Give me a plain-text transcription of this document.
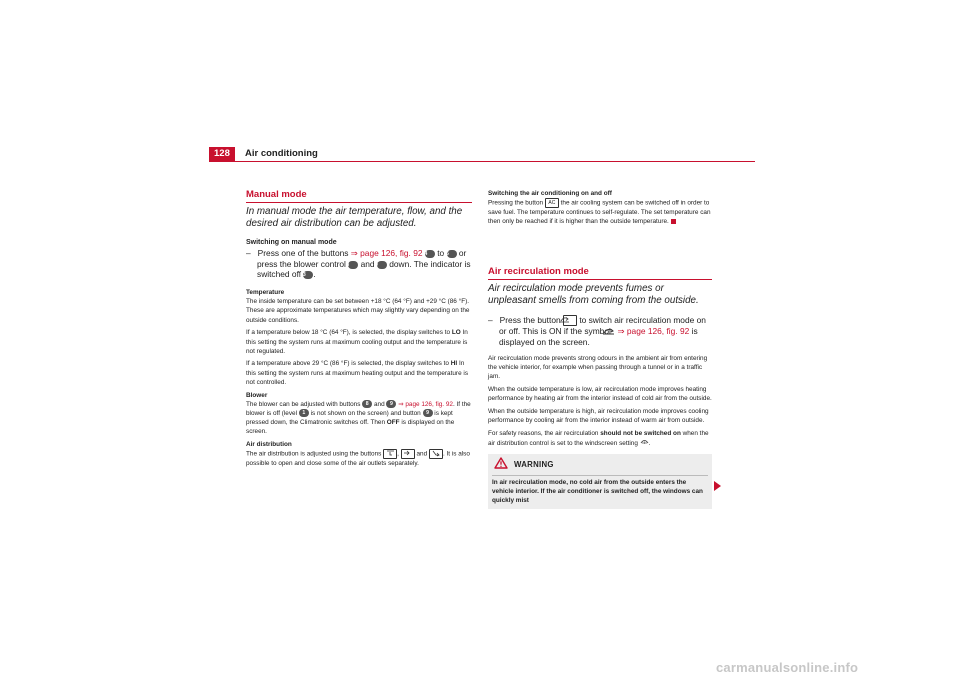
128	Air conditioning
Manual mode
In manual mode the air temperature, flow, and the desired air distribution can be adjusted.
Switching on manual mode
– Press one of the buttons ⇒ page 126, fig. 92 14 to 16 or press the blower control 8 and 9 down. The indicator is switched off 13 .
Temperature

The inside temperature can be set between +18 °C (64 °F) and +29 °C (86 °F). These are approximate temperatures which may slightly vary depending on the outside conditions.

If a temperature below 18 °C (64 °F), is selected, the display switches to LO In this setting the system runs at maximum cooling output and the temperature is not regulated.

If a temperature above 29 °C (86 °F) is selected, the display switches to HI In this setting the system runs at maximum heating output and the temperature is not controlled.

Blower

The blower can be adjusted with buttons 8 and 9 ⇒ page 126, fig. 92. If the blower is off (level 1 is not shown on the screen) and button 9 is kept pressed down, the Climatronic switches off. Then OFF is displayed on the screen.

Air distribution

The air distribution is adjusted using the buttons ,	and . It is also possible to open and close some of the air outlets separately.

Switching the air conditioning on and off

Pressing the button AC the air cooling system can be switched off in order to save fuel. The temperature continues to self-regulate. The set temperature can then only be reached if it is higher than the outside temperature.

Air recirculation mode
Air recirculation mode prevents fumes or unpleasant smells from coming from the outside.
– Press the button to switch air recirculation mode on or off. This is ON if the symbol ⇒ page 126, fig. 92 is displayed on the screen.

Air recirculation mode prevents strong odours in the ambient air from entering the vehicle interior, for example when passing through a tunnel or in a traffic jam.

When the outside temperature is low, air recirculation mode improves heating performance by heating air from the interior instead of cold air from the outside.

When the outside temperature is high, air recirculation mode improves cooling performance by cooling air from the interior instead of warm air from outside.

For safety reasons, the air recirculation should not be switched on when the air distribution control is set to the windscreen setting .

WARNING
In air recirculation mode, no cold air from the outside enters the vehicle interior. If the air conditioner is switched off, the windows can quickly mist
carmanualsonline.info
